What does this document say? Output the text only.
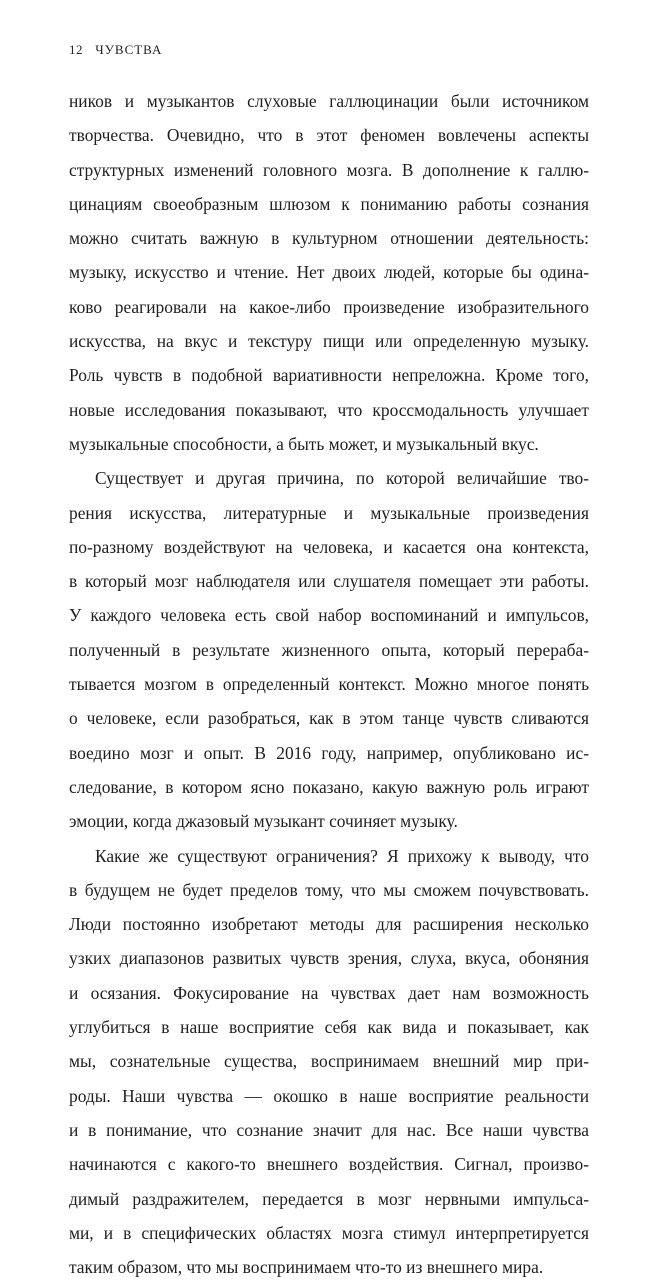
12 ЧУВСТВА
ников и музыкантов слуховые галлюцинации были источником
творчества. Очевидно, что в этот феномен вовлечены аспекты
структурных изменений головного мозга. В дополнение к галлю-
цинациям своеобразным шлюзом к пониманию работы сознания
можно считать важную в культурном отношении деятельность:
музыку, искусство и чтение. Нет двоих людей, которые бы одина-
ково реагировали на какое-либо произведение изобразительного
искусства, на вкус и текстуру пищи или определенную музыку.
Роль чувств в подобной вариативности непреложна. Кроме того,
новые исследования показывают, что кроссмодальность улучшает
музыкальные способности, а быть может, и музыкальный вкус.
Существует и другая причина, по которой величайшие тво-
рения искусства, литературные и музыкальные произведения
по-разному воздействуют на человека, и касается она контекста,
в который мозг наблюдателя или слушателя помещает эти работы.
У каждого человека есть свой набор воспоминаний и импульсов,
полученный в результате жизненного опыта, который перераба-
тывается мозгом в определенный контекст. Можно многое понять
о человеке, если разобраться, как в этом танце чувств сливаются
воедино мозг и опыт. В 2016 году, например, опубликовано ис-
следование, в котором ясно показано, какую важную роль играют
эмоции, когда джазовый музыкант сочиняет музыку.
Какие же существуют ограничения? Я прихожу к выводу, что
в будущем не будет пределов тому, что мы сможем почувствовать.
Люди постоянно изобретают методы для расширения несколько
узких диапазонов развитых чувств зрения, слуха, вкуса, обоняния
и осязания. Фокусирование на чувствах дает нам возможность
углубиться в наше восприятие себя как вида и показывает, как
мы, сознательные существа, воспринимаем внешний мир при-
роды. Наши чувства — окошко в наше восприятие реальности
и в понимание, что сознание значит для нас. Все наши чувства
начинаются с какого-то внешнего воздействия. Сигнал, произво-
димый раздражителем, передается в мозг нервными импульса-
ми, и в специфических областях мозга стимул интерпретируется
таким образом, что мы воспринимаем что-то из внешнего мира.
